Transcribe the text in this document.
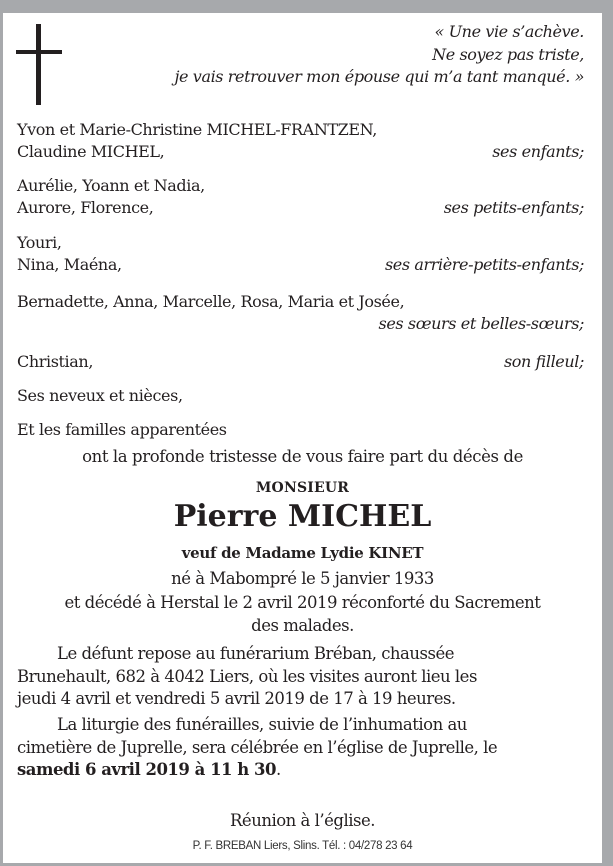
« Une vie s’achève.
Ne soyez pas triste,
je vais retrouver mon épouse qui m’a tant manqué. »
Yvon et Marie-Christine MICHEL-FRANTZEN,
Claudine MICHEL,	ses enfants;
Aurélie, Yoann et Nadia,
Aurore, Florence,	ses petits-enfants;
Youri,
Nina, Maéna,	ses arrière-petits-enfants;
Bernadette, Anna, Marcelle, Rosa, Maria et Josée,
ses sœurs et belles-sœurs;
Christian,	son filleul;
Ses neveux et nièces,
Et les familles apparentées
ont la profonde tristesse de vous faire part du décès de
MONSIEUR
Pierre MICHEL
veuf de Madame Lydie KINET
né à Mabompré le 5 janvier 1933
et décédé à Herstal le 2 avril 2019 réconforté du Sacrement
des malades.
Le défunt repose au funérarium Bréban, chaussée
Brunehault, 682 à 4042 Liers, où les visites auront lieu les
jeudi 4 avril et vendredi 5 avril 2019 de 17 à 19 heures.
La liturgie des funérailles, suivie de l’inhumation au
cimetière de Juprelle, sera célébrée en l’église de Juprelle, le
samedi 6 avril 2019 à 11 h 30.
Réunion à l’église.
P. F. BREBAN Liers, Slins. Tél. : 04/278 23 64
